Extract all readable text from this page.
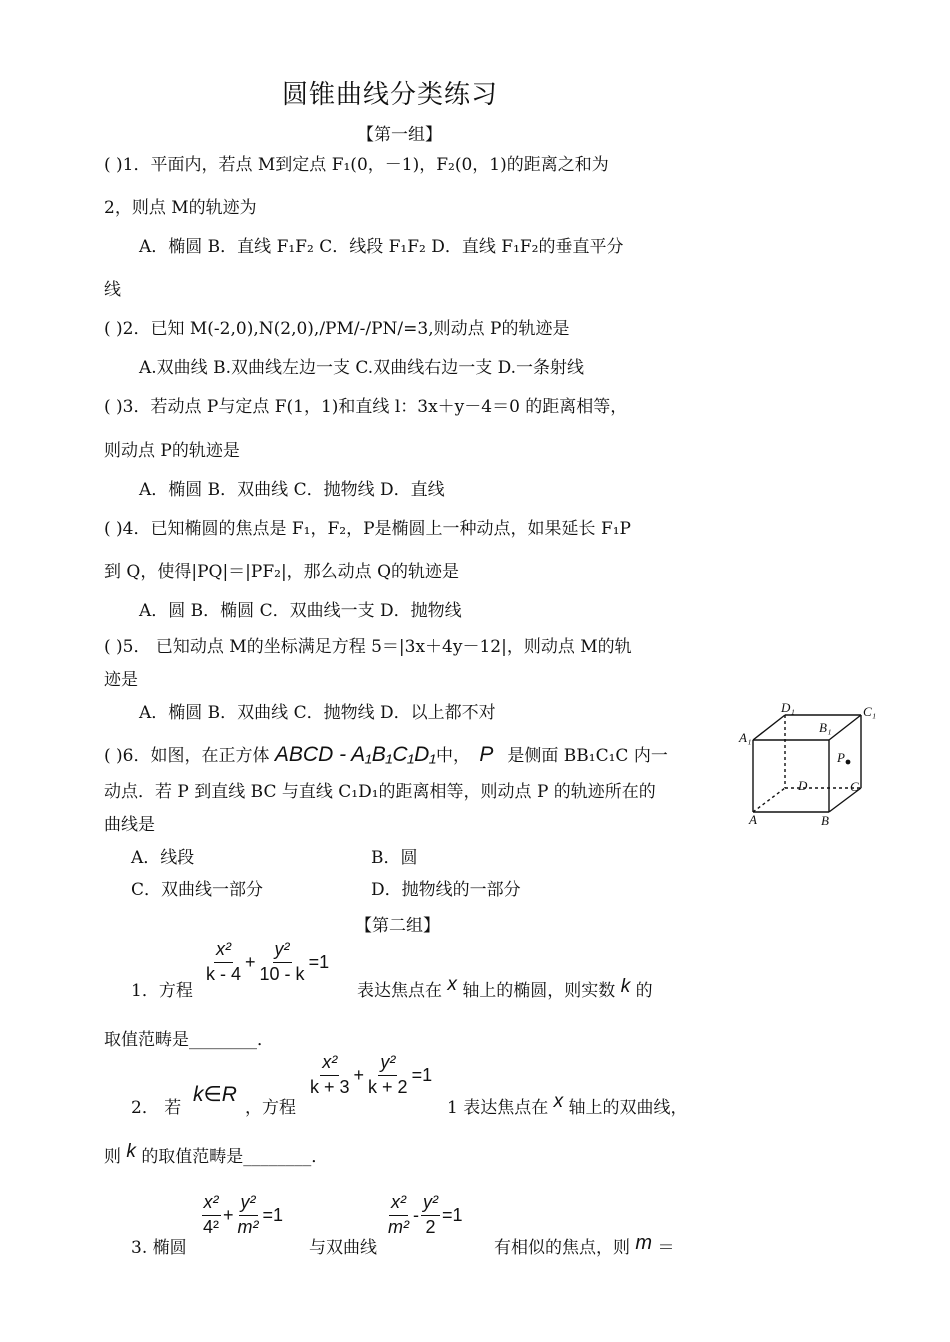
圆锥曲线分类练习
【第一组】
( )1．平面内，若点 M到定点 F₁(0，－1)，F₂(0，1)的距离之和为
2，则点 M的轨迹为
A．椭圆 B．直线 F₁F₂ C．线段 F₁F₂ D．直线 F₁F₂的垂直平分
线
( )2．已知 M(-2,0),N(2,0),/PM/-/PN/=3,则动点 P的轨迹是
A.双曲线 B.双曲线左边一支 C.双曲线右边一支 D.一条射线
( )3．若动点 P与定点 F(1，1)和直线 l：3x＋y－4＝0 的距离相等，
则动点 P的轨迹是
A．椭圆 B．双曲线 C．抛物线 D．直线
( )4．已知椭圆的焦点是 F₁，F₂，P是椭圆上一种动点，如果延长 F₁P
到 Q，使得|PQ|＝|PF₂|，那么动点 Q的轨迹是
A．圆 B．椭圆 C．双曲线一支 D．抛物线
( )5． 已知动点 M的坐标满足方程 5＝|3x＋4y－12|，则动点 M的轨
迹是
A．椭圆 B．双曲线 C．抛物线 D．以上都不对
( )6．如图，在正方体 ABCD - A₁B₁C₁D₁中， P 是侧面 BB₁C₁C 内一
动点．若 P 到直线 BC 与直线 C₁D₁的距离相等，则动点 P 的轨迹所在的
曲线是
A．线段	B．圆
C．双曲线一部分	D．抛物线的一部分
D₁	C₁
A₁
B₁
P
D	C
A	B
【第二组】
1．方程
$\frac{\text{x²}}{k - 4} + \frac{\text{y²}}{10 - k} =1$
表达焦点在 x 轴上的椭圆，则实数 k 的
取值范畴是________．
2． 若
k∈R
，方程
$\frac{\text{x²}}{k + 3} + \frac{\text{y²}}{k + 2} =1$
1 表达焦点在 x 轴上的双曲线，
则 k 的取值范畴是________．
3. 椭圆
$\frac{\text{x²}}{\text{4²}} + \frac{\text{y²}}{\text{m²}} =1$
与双曲线
$\frac{\text{x²}}{\text{m²}} - \frac{\text{y²}}{2} =1$
有相似的焦点，则 m ＝
